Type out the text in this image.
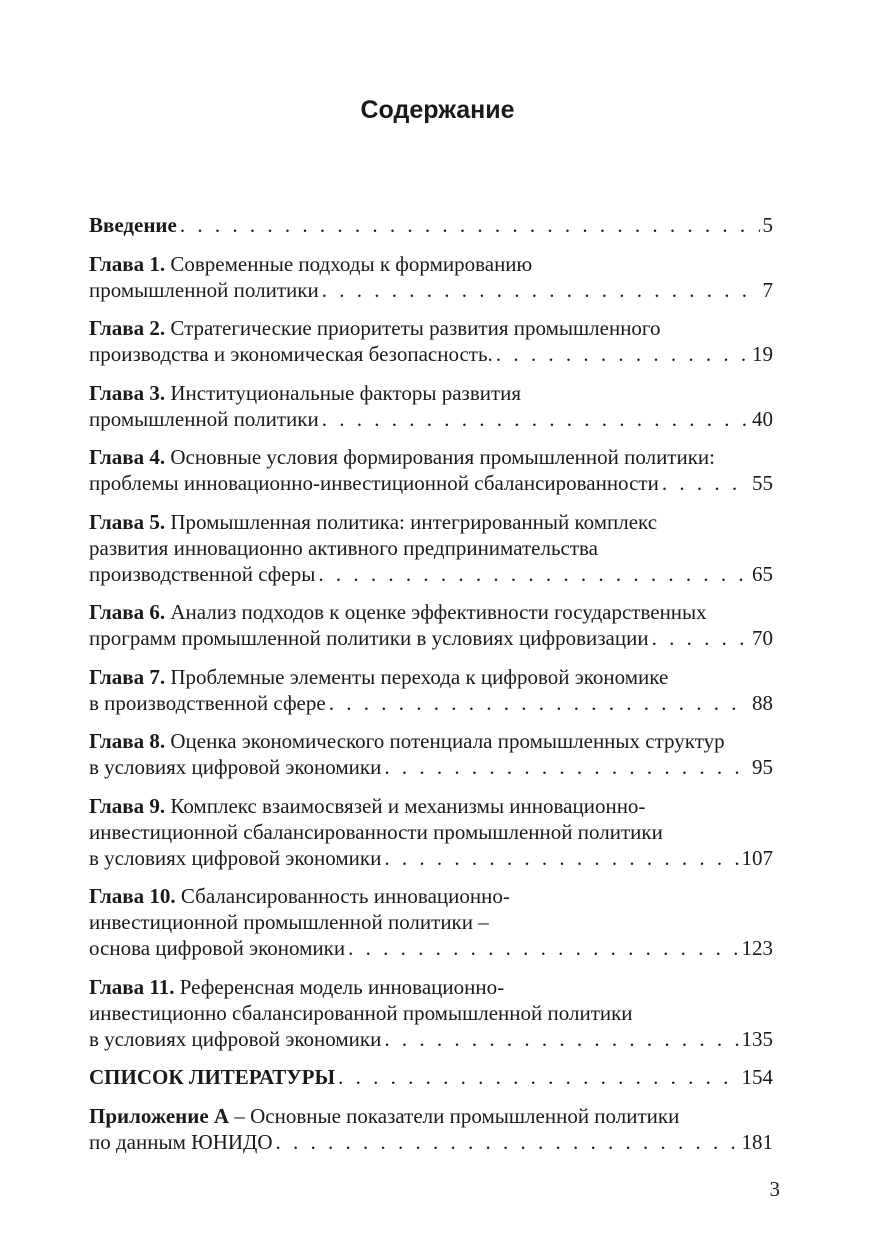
Содержание
Введение . . .	5
Глава 1. Современные подходы к формированию
промышленной политики . . .	7
Глава 2. Стратегические приоритеты развития промышленного
производства и экономическая безопасность. . . .	19
Глава 3. Институциональные факторы развития
промышленной политики . . .	40
Глава 4. Основные условия формирования промышленной политики:
проблемы инновационно-инвестиционной сбалансированности . . .	55
Глава 5. Промышленная политика: интегрированный комплекс
развития инновационно активного предпринимательства
производственной сферы . . .	65
Глава 6. Анализ подходов к оценке эффективности государственных
программ промышленной политики в условиях цифровизации . . .	70
Глава 7. Проблемные элементы перехода к цифровой экономике
в производственной сфере . . .	88
Глава 8. Оценка экономического потенциала промышленных структур
в условиях цифровой экономики . . .	95
Глава 9. Комплекс взаимосвязей и механизмы инновационно-
инвестиционной сбалансированности промышленной политики
в условиях цифровой экономики . . .	107
Глава 10. Сбалансированность инновационно-
инвестиционной промышленной политики –
основа цифровой экономики . . .	123
Глава 11. Референсная модель инновационно-
инвестиционно сбалансированной промышленной политики
в условиях цифровой экономики . . .	135
СПИСОК ЛИТЕРАТУРЫ . . .	154
Приложение А – Основные показатели промышленной политики
по данным ЮНИДО . . .	181
3
